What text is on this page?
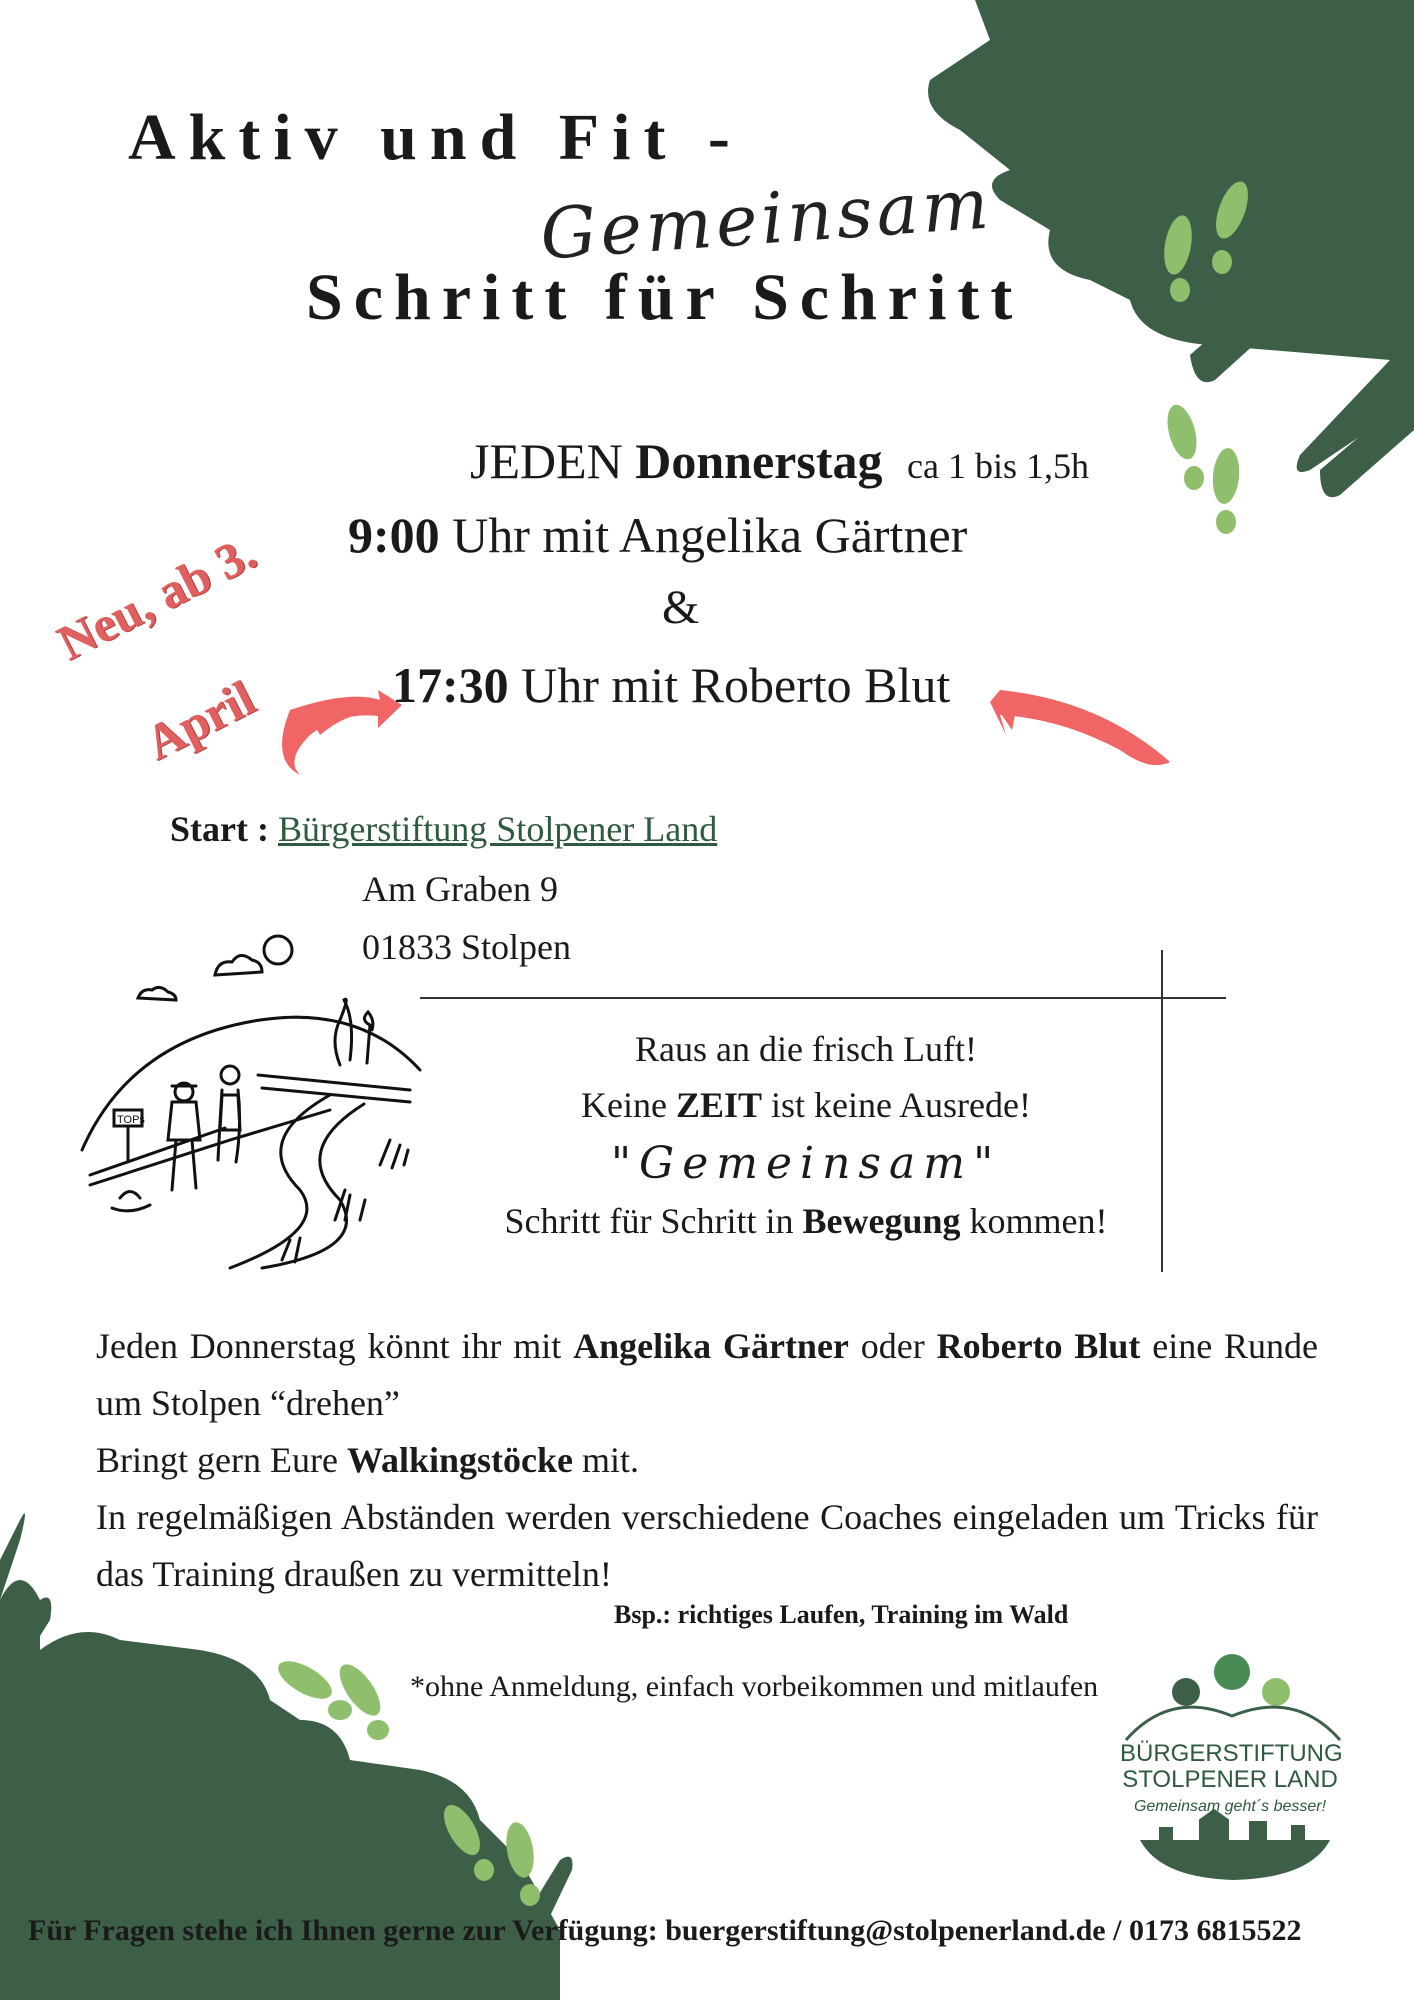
TOPs
Aktiv und Fit -
Gemeinsam
Schritt für Schritt
JEDEN Donnerstag ca 1 bis 1,5h
9:00 Uhr mit Angelika Gärtner
&
17:30 Uhr mit Roberto Blut
Neu, ab 3.
April
Start : Bürgerstiftung Stolpener Land
Am Graben 9
01833 Stolpen
Raus an die frisch Luft!
Keine ZEIT ist keine Ausrede!
"Gemeinsam"
Schritt für Schritt in Bewegung kommen!
Jeden Donnerstag könnt ihr mit Angelika Gärtner oder Roberto Blut eine Runde um Stolpen “drehen”
Bringt gern Eure Walkingstöcke mit.
In regelmäßigen Abständen werden verschiedene Coaches eingeladen um Tricks für das Training draußen zu vermitteln!
Bsp.: richtiges Laufen, Training im Wald
*ohne Anmeldung, einfach vorbeikommen und mitlaufen
BÜRGERSTIFTUNG
STOLPENER LAND
Gemeinsam geht´s besser!
Für Fragen stehe ich Ihnen gerne zur Verfügung: buergerstiftung@stolpenerland.de / 0173 6815522
